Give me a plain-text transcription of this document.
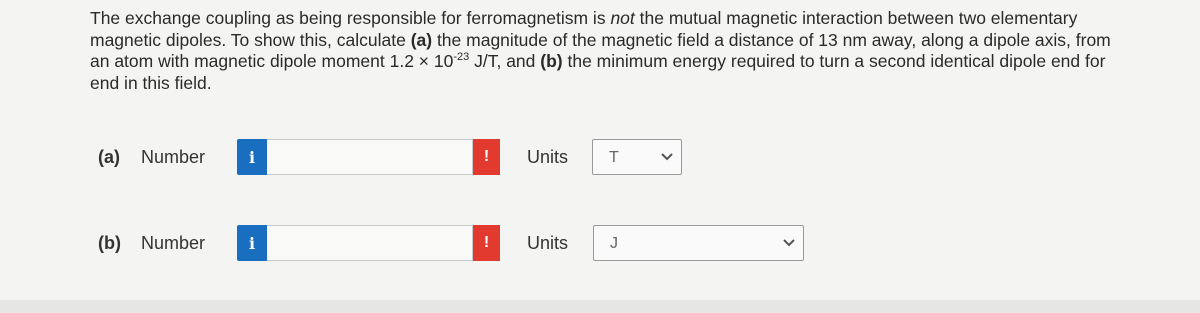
The exchange coupling as being responsible for ferromagnetism is not the mutual magnetic interaction between two elementary magnetic dipoles. To show this, calculate (a) the magnitude of the magnetic field a distance of 13 nm away, along a dipole axis, from an atom with magnetic dipole moment $1.2 \times 10^{-23}$ J/T, and (b) the minimum energy required to turn a second identical dipole end for end in this field.
(a) Number	i	! Units	T
(b) Number	i	! Units	J
